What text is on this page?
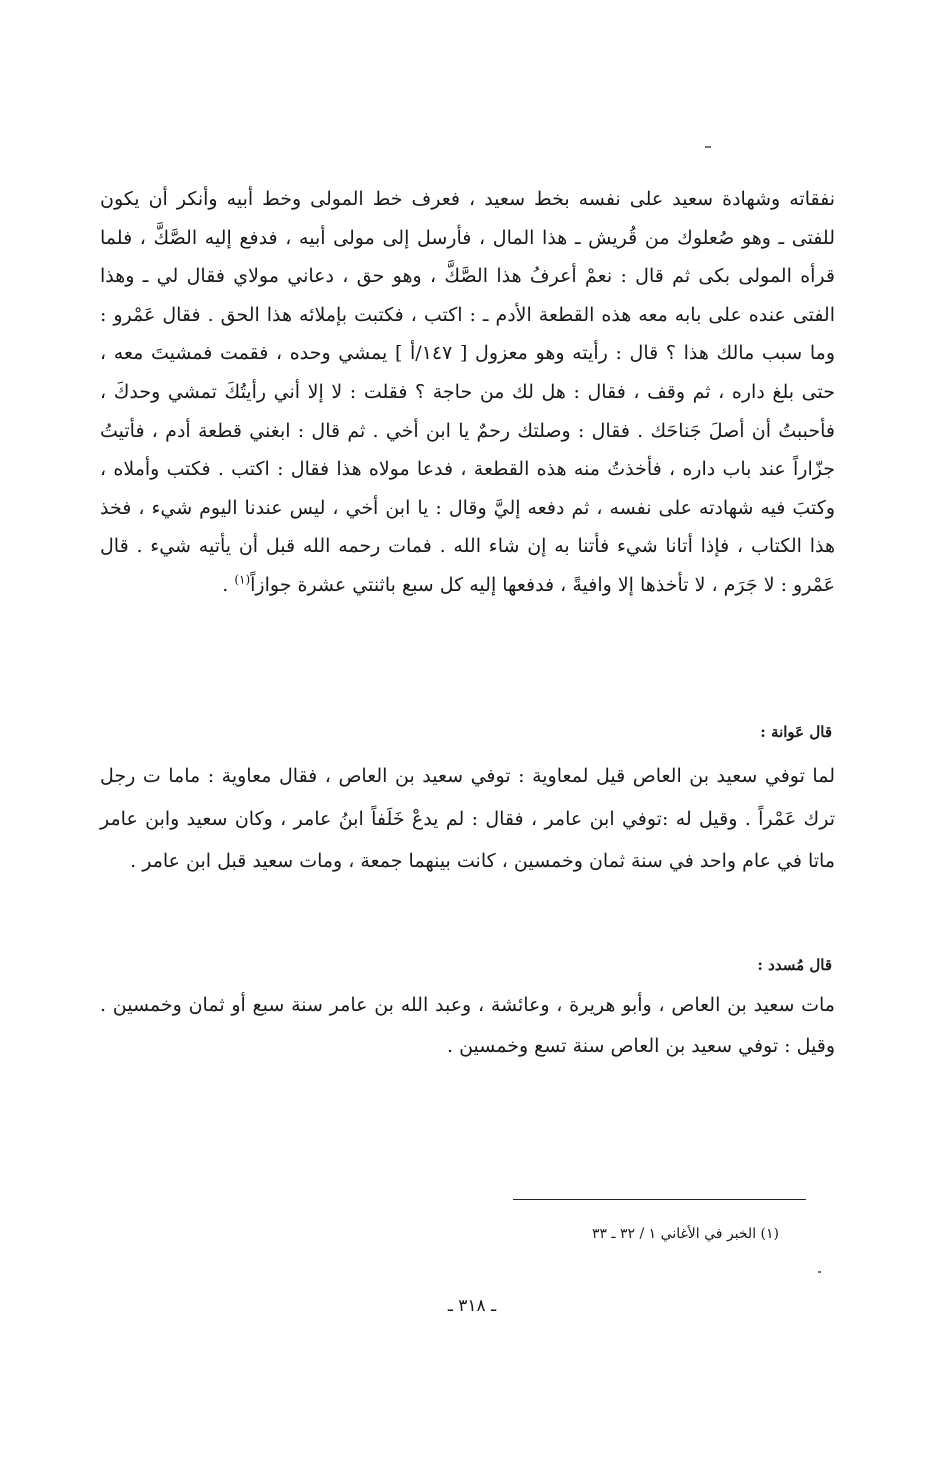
نفقاته وشهادة سعيد على نفسه بخط سعيد ، فعرف خط المولى وخط أبيه وأنكر أن يكون للفتى ـ وهو صُعلوك من قُريش ـ هذا المال ، فأرسل إلى مولى أبيه ، فدفع إليه الصَّكَّ ، فلما قرأه المولى بكى ثم قال : نعمْ أعرفُ هذا الصَّكَّ ، وهو حق ، دعاني مولاي فقال لي ـ وهذا الفتى عنده على بابه معه هذه القطعة الأدم ـ : اكتب ، فكتبت بإملائه هذا الحق . فقال عَمْرو : وما سبب مالك هذا ؟ قال : رأيته وهو معزول [ ١٤٧/أ ] يمشي وحده ، فقمت فمشيتَ معه ، حتى بلغ داره ، ثم وقف ، فقال : هل لك من حاجة ؟ فقلت : لا إلا أني رأيتُكَ تمشي وحدكَ ، فأحببتُ أن أصلَ جَناحَك . فقال : وصلتك رحمٌ يا ابن أخي . ثم قال : ابغني قطعة أدم ، فأتيتُ جزّاراً عند باب داره ، فأخذتُ منه هذه القطعة ، فدعا مولاه هذا فقال : اكتب . فكتب وأملاه ، وكتبَ فيه شهادته على نفسه ، ثم دفعه إليَّ وقال : يا ابن أخي ، ليس عندنا اليوم شيء ، فخذ هذا الكتاب ، فإذا أتانا شيء فأتنا به إن شاء الله . فمات رحمه الله قبل أن يأتيه شيء . قال عَمْرو : لا جَرَم ، لا تأخذها إلا وافيةً ، فدفعها إليه كل سبع باثنتي عشرة جوازاً$^{(١)}$ .

قال عَوانة :

لما توفي سعيد بن العاص قيل لمعاوية : توفي سعيد بن العاص ، فقال معاوية : ماما ت رجل ترك عَمْراً . وقيل له :توفي ابن عامر ، فقال : لم يدعْ خَلَفاً ابنُ عامر ، وكان سعيد وابن عامر ماتا في عام واحد في سنة ثمان وخمسين ، كانت بينهما جمعة ، ومات سعيد قبل ابن عامر .

قال مُسدد :

مات سعيد بن العاص ، وأبو هريرة ، وعائشة ، وعبد الله بن عامر سنة سبع أو ثمان وخمسين . وقيل : توفي سعيد بن العاص سنة تسع وخمسين .

(١) الخبر في الأغاني ١ / ٣٢ ـ ٣٣
ـ ٣١٨ ـ
